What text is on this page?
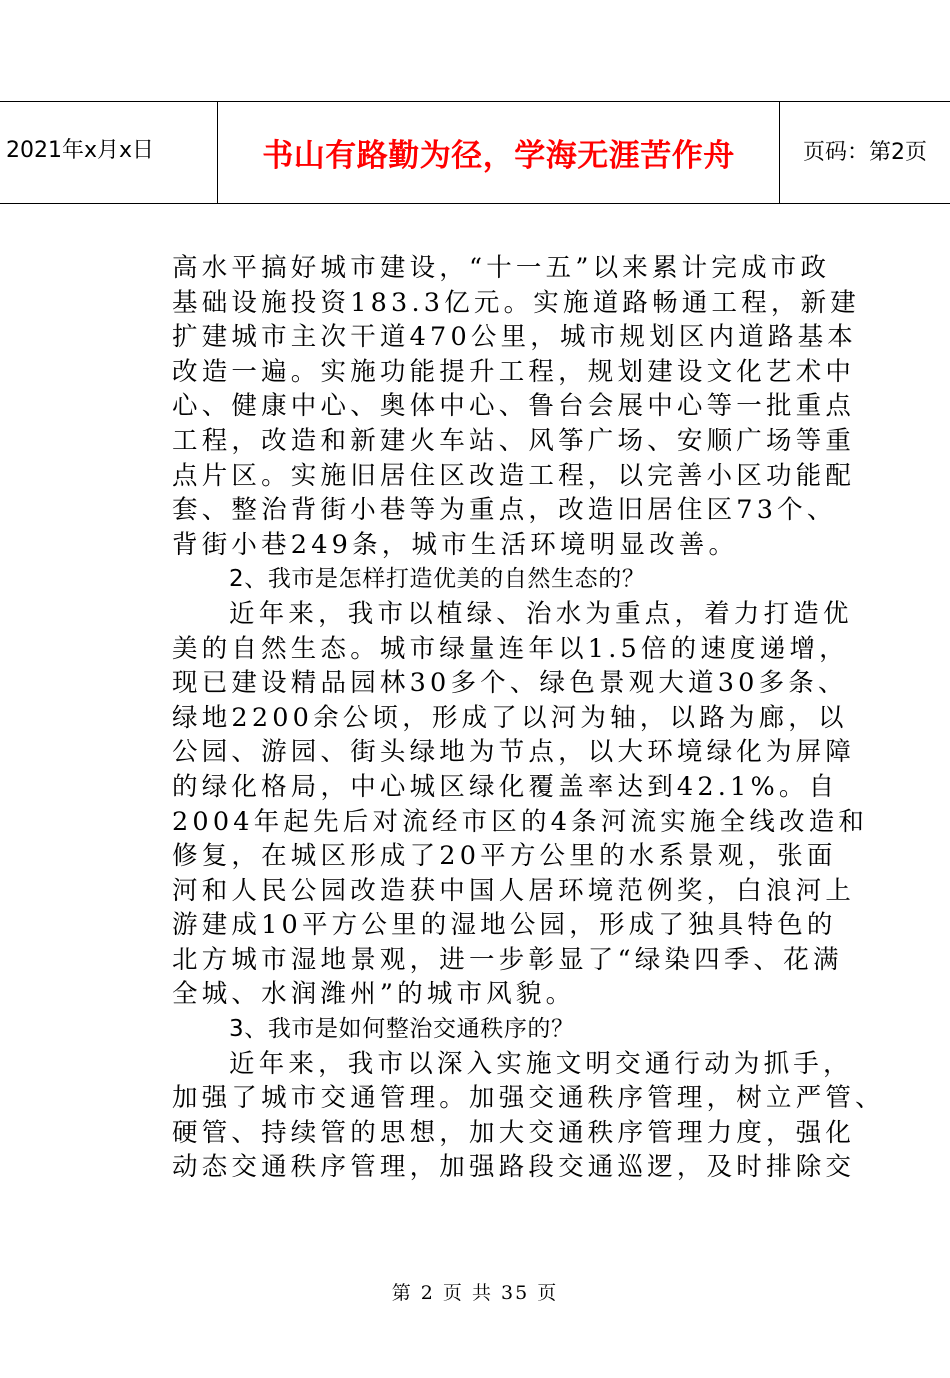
2021年x月x日	书山有路勤为径，学海无涯苦作舟	页码：第2页
高水平搞好城市建设，“十一五”以来累计完成市政
基础设施投资183.3亿元。实施道路畅通工程，新建
扩建城市主次干道470公里，城市规划区内道路基本
改造一遍。实施功能提升工程，规划建设文化艺术中
心、健康中心、奥体中心、鲁台会展中心等一批重点
工程，改造和新建火车站、风筝广场、安顺广场等重
点片区。实施旧居住区改造工程，以完善小区功能配
套、整治背街小巷等为重点，改造旧居住区73个、
背街小巷249条，城市生活环境明显改善。
2、我市是怎样打造优美的自然生态的？
近年来，我市以植绿、治水为重点，着力打造优
美的自然生态。城市绿量连年以1.5倍的速度递增，
现已建设精品园林30多个、绿色景观大道30多条、
绿地2200余公顷，形成了以河为轴，以路为廊，以
公园、游园、街头绿地为节点，以大环境绿化为屏障
的绿化格局，中心城区绿化覆盖率达到42.1%。自
2004年起先后对流经市区的4条河流实施全线改造和
修复，在城区形成了20平方公里的水系景观，张面
河和人民公园改造获中国人居环境范例奖，白浪河上
游建成10平方公里的湿地公园，形成了独具特色的
北方城市湿地景观，进一步彰显了“绿染四季、花满
全城、水润潍州”的城市风貌。
3、我市是如何整治交通秩序的？
近年来，我市以深入实施文明交通行动为抓手，
加强了城市交通管理。加强交通秩序管理，树立严管、
硬管、持续管的思想，加大交通秩序管理力度，强化
动态交通秩序管理，加强路段交通巡逻，及时排除交
第 2 页 共 35 页
